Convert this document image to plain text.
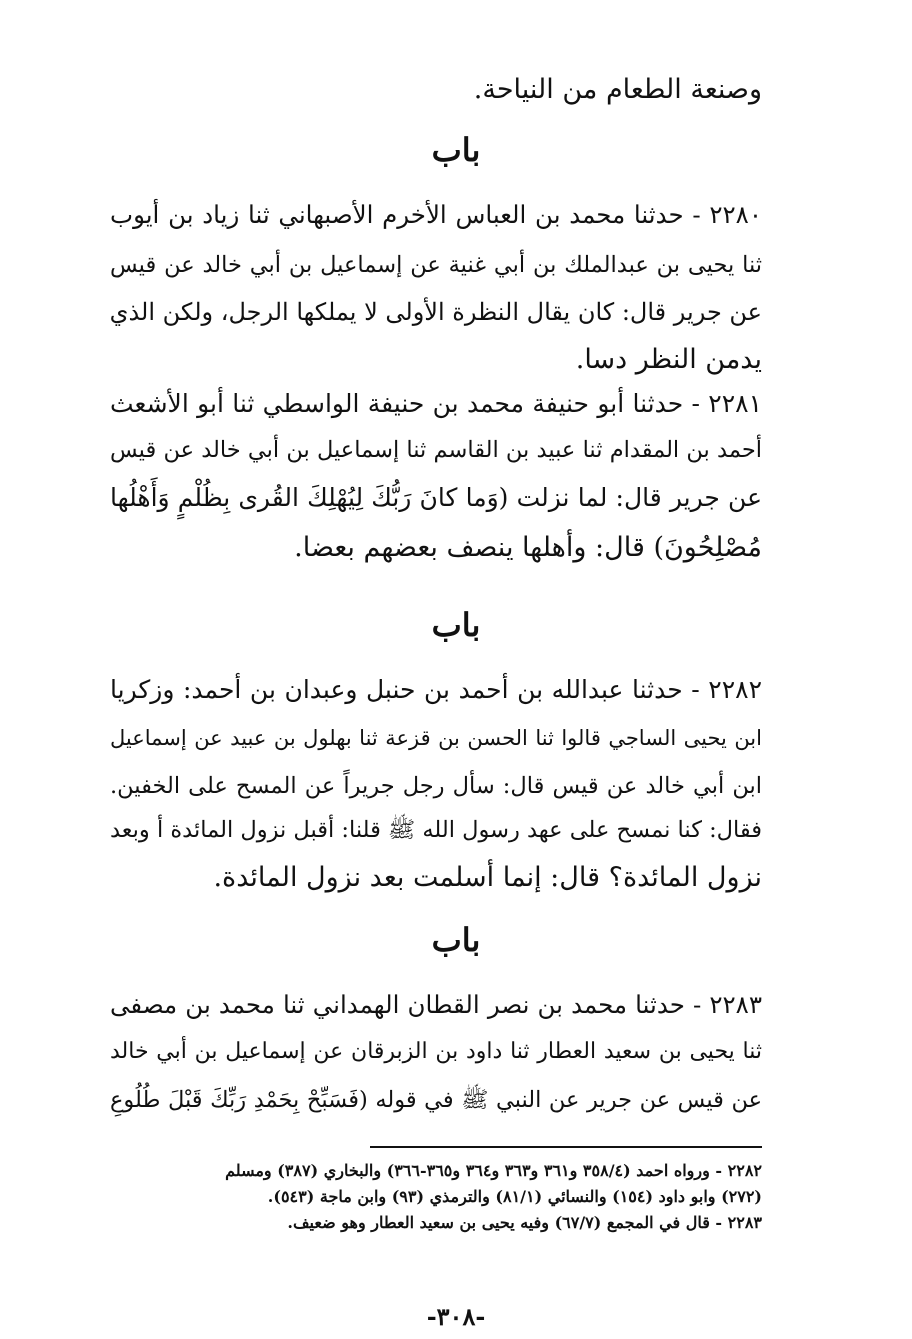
وصنعة الطعام من النياحة.
باب
٢٢٨٠ - حدثنا محمد بن العباس الأخرم الأصبهاني ثنا زياد بن أيوب
ثنا يحيى بن عبدالملك بن أبي غنية عن إسماعيل بن أبي خالد عن قيس
عن جرير قال: كان يقال النظرة الأولى لا يملكها الرجل، ولكن الذي
يدمن النظر دسا.
٢٢٨١ - حدثنا أبو حنيفة محمد بن حنيفة الواسطي ثنا أبو الأشعث
أحمد بن المقدام ثنا عبيد بن القاسم ثنا إسماعيل بن أبي خالد عن قيس
عن جرير قال: لما نزلت (وَما كانَ رَبُّكَ لِيُهْلِكَ القُرى بِظُلْمٍ وَأَهْلُها
مُصْلِحُونَ) قال: وأهلها ينصف بعضهم بعضا.
باب
٢٢٨٢ - حدثنا عبدالله بن أحمد بن حنبل وعبدان بن أحمد: وزكريا
ابن يحيى الساجي قالوا ثنا الحسن بن قزعة ثنا بهلول بن عبيد عن إسماعيل
ابن أبي خالد عن قيس قال: سأل رجل جريراً عن المسح على الخفين.
فقال: كنا نمسح على عهد رسول الله ﷺ قلنا: أقبل نزول المائدة أ وبعد
نزول المائدة؟ قال: إنما أسلمت بعد نزول المائدة.
باب
٢٢٨٣ - حدثنا محمد بن نصر القطان الهمداني ثنا محمد بن مصفى
ثنا يحيى بن سعيد العطار ثنا داود بن الزبرقان عن إسماعيل بن أبي خالد
عن قيس عن جرير عن النبي ﷺ في قوله (فَسَبِّحْ بِحَمْدِ رَبِّكَ قَبْلَ طُلُوعِ
٢٢٨٢ - ورواه احمد (٣٥٨/٤ و٣٦١ و٣٦٣ و٣٦٤ و٣٦٥-٣٦٦) والبخاري (٣٨٧) ومسلم
(٢٧٢) وابو داود (١٥٤) والنسائي (٨١/١) والترمذي (٩٣) وابن ماجة (٥٤٣).
٢٢٨٣ - قال في المجمع (٦٧/٧) وفيه يحيى بن سعيد العطار وهو ضعيف.
-٣٠٨-
